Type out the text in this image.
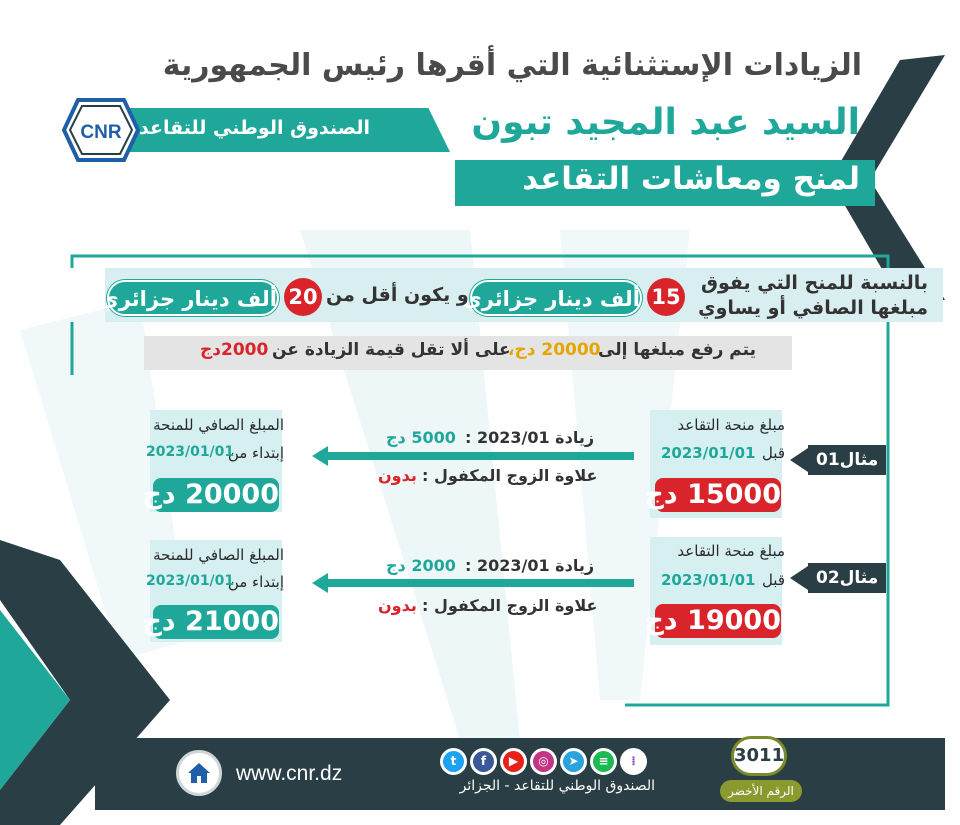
الزيادات الإستثنائية التي أقرها رئيس الجمهورية
السيد عبد المجيد تبون
لمنح ومعاشات التقاعد
الصندوق الوطني للتقاعد
CNR
بالنسبة للمنح التي يفوق
مبلغها الصافي أو يساوي
15
ألف دينار جزائري
و يكون أقل من
20
ألف دينار جزائري
يتم رفع مبلغها إلى
20000 دج،
على ألا تقل قيمة الزيادة عن
2000دج
مبلغ منحة التقاعد
قبل
2023/01/01
15000 دج
مثال01
زيادة 2023/01 :
5000 دج
علاوة الزوج المكفول :
بدون
المبلغ الصافي للمنحة
إبتداء من
2023/01/01
20000 دج
مبلغ منحة التقاعد
قبل
2023/01/01
19000 دج
مثال02
زيادة 2023/01 :
2000 دج
علاوة الزوج المكفول :
بدون
المبلغ الصافي للمنحة
إبتداء من
2023/01/01
21000 دج
www.cnr.dz
t	f	▶	◎	➤	≡	⁞
الصندوق الوطني للتقاعد - الجزائر
3011
الرقم الأخضر
